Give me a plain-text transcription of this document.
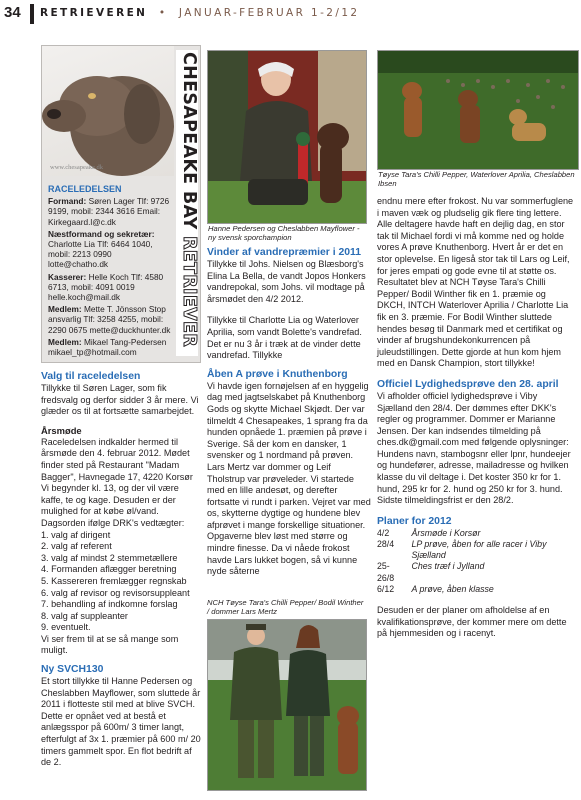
34 RETRIEVEREN  •  JANUAR-FEBRUAR 1-2/12
www.chesapeake.dk	CHESAPEAKE BAY RETRIEVER
RACELEDELSEN
Formand: Søren Lager Tlf: 9726 9199, mobil: 2344 3616 Email: Kirkegaard.l@c.dk
Næstformand og sekretær: Charlotte Lia Tlf: 6464 1040, mobil: 2213 0990 lotte@chatho.dk
Kasserer: Helle Koch Tlf: 4580 6713, mobil: 4091 0019 helle.koch@mail.dk
Medlem: Mette T. Jönsson Stop ansvarlig Tlf: 3258 4255, mobil: 2290 0675 mette@duckhunter.dk
Medlem: Mikael Tang-Pedersen mikael_tp@hotmail.com
Valg til raceledelsen

Tillykke til Søren Lager, som fik fredsvalg og derfor sidder 3 år mere. Vi glæder os til at fortsætte samarbejdet.

Årsmøde

Raceledelsen indkalder hermed til årsmøde den 4. februar 2012. Mødet finder sted på Restaurant "Madam Bagger", Havnegade 17, 4220 Korsør Vi begynder kl. 13, og der vil være kaffe, te og kage. Desuden er der mulighed for at købe øl/vand. Dagsorden ifølge DRK's vedtægter:

1. valg af dirigent
2. valg af referent
3. valg af mindst 2 stemmetællere
4. Formanden aflægger beretning
5. Kassereren fremlægger regnskab
6. valg af revisor og revisorsuppleant
7. behandling af indkomne forslag
8. valg af suppleanter
9. eventuelt.

Vi ser frem til at se så mange som muligt.

Ny SVCH130

Et stort tillykke til Hanne Pedersen og Cheslabben Mayflower, som sluttede år 2011 i flotteste stil med at blive SVCH. Dette er opnået ved at bestå et anlægsspor på 600m/ 3 timer langt, efterfulgt af 3x 1. præmier på 600 m/ 20 timers gammelt spor. En flot bedrift af de 2.

Hanne Pedersen og Cheslabben Mayflower - ny svensk sporchampion
Vinder af vandrepræmier i 2011

Tillykke til Johs. Nielsen og Blæsborg's Elina La Bella, de vandt Jopos Honkers vandrepokal, som Johs. vil modtage på årsmødet den 4/2 2012.

Tillykke til Charlotte Lia og Waterlover Aprilia, som vandt Bolette's vandrefad. Det er nu 3 år i træk at de vinder dette vandrefad. Tillykke

Åben A prøve i Knuthenborg

Vi havde igen fornøjelsen af en hyggelig dag med jagtselskabet på Knuthenborg Gods og skytte Michael Skjødt. Der var tilmeldt 4 Chesapeakes, 1 sprang fra da hunden opnåede 1. præmien på prøve i Sverige. Så der kom en dansker, 1 svensker og 1 nordmand på prøven. Lars Mertz var dommer og Leif Tholstrup var prøveleder. Vi startede med en lille andesøt, og derefter fortsatte vi rundt i parken. Vejret var med os, skytterne dygtige og hundene blev afprøvet i mange forskellige situationer. Opgaverne blev løst med større og mindre finesse. Da vi nåede frokost havde Lars lukket bogen, så vi kunne nyde såterne

NCH Tøyse Tara's Chilli Pepper/ Bodil Winther / dommer Lars Mertz
Tøyse Tara's Chilli Pepper, Waterlover Aprilia, Cheslabben Ibsen

endnu mere efter frokost. Nu var sommerfuglene i maven væk og pludselig gik flere ting lettere. Alle deltagere havde haft en dejlig dag, en stor tak til Michael fordi vi må komme ned og holde vores A prøve Knuthenborg. Hvert år er det en stor oplevelse. En ligeså stor tak til Lars og Leif, for jeres empati og gode evne til at støtte os. Resultatet blev at NCH Tøyse Tara's Chilli Pepper/ Bodil Winther fik en 1. præmie og DKCH, INTCH Waterlover Aprilia / Charlotte Lia fik en 3. præmie. For Bodil Winther sluttede hendes besøg til Danmark med et certifikat og vinder af brugshundekonkurrencen på juleudstillingen. Dette gjorde at hun kom hjem med en Dansk Champion, stort tillykke!

Officiel Lydighedsprøve den 28. april

Vi afholder officiel lydighedsprøve i Viby Sjælland den 28/4. Der dømmes efter DKK's regler og programmer. Dommer er Marianne Jensen. Der kan indsendes tilmelding på ches.dk@gmail.com med følgende oplysninger: Hundens navn, stambogsnr eller lpnr, hundeejer og hundefører, adresse, mailadresse og hvilken klasse du vil deltage i. Det koster 350 kr for 1. hund, 295 kr for 2. hund og 250 kr for 3. hund. Sidste tilmeldingsfrist er den 28/2.

Planer for 2012
4/2	Årsmøde i Korsør
28/4	LP prøve, åben for alle racer i Viby Sjælland
25-26/8	Ches træf i Jylland
6/12	A prøve, åben klasse

Desuden er der planer om afholdelse af en kvalifikationsprøve, der kommer mere om dette på hjemmesiden og i racenyt.
